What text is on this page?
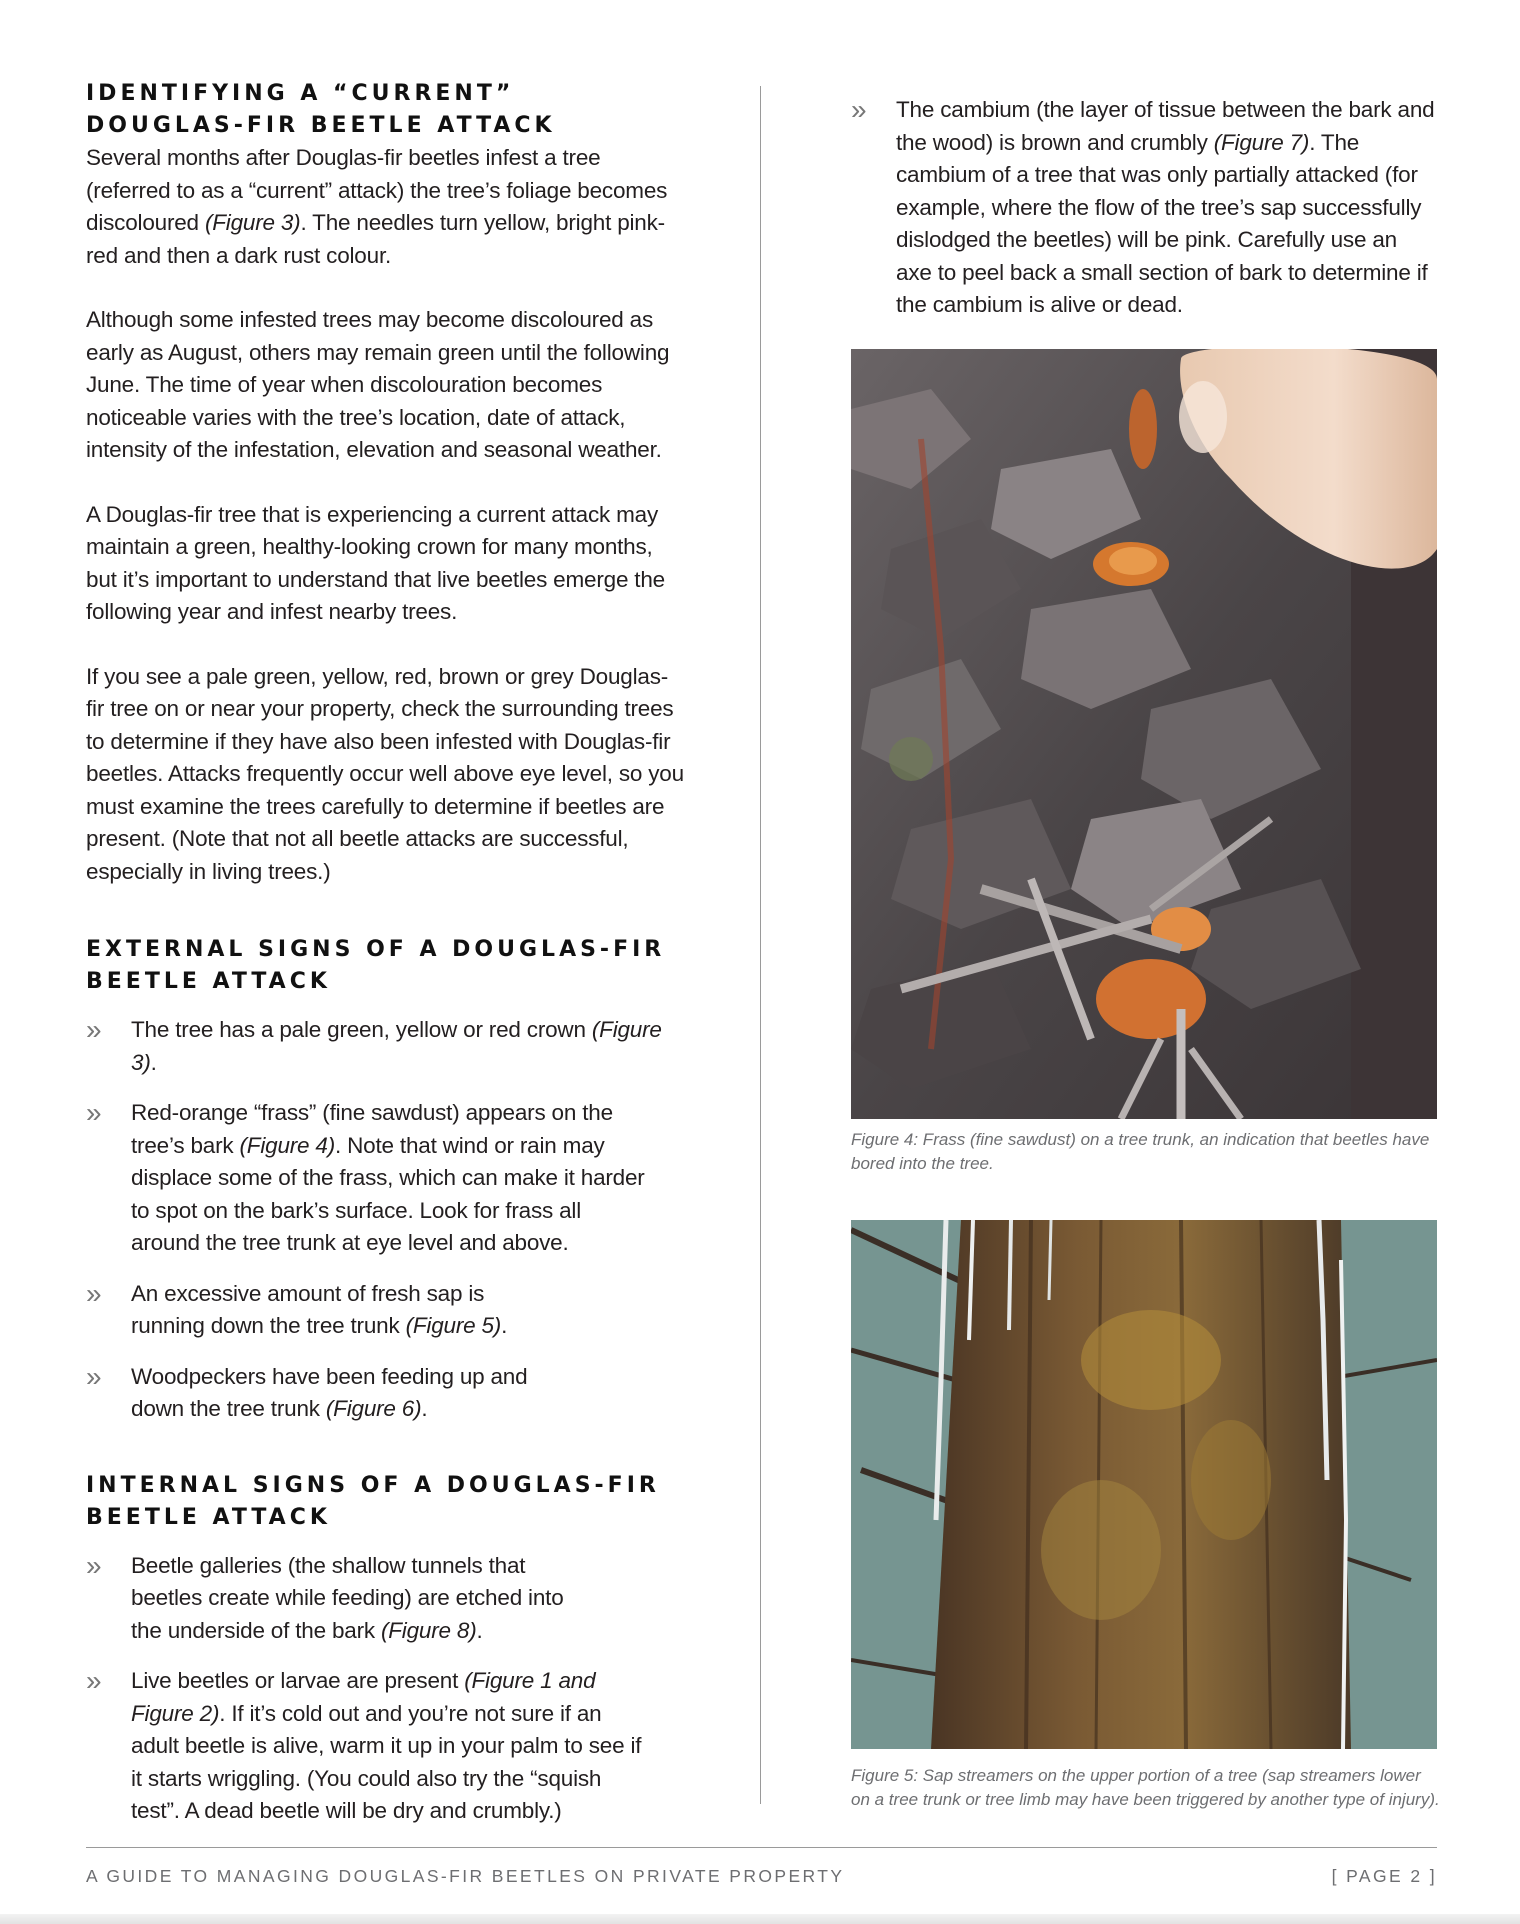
IDENTIFYING A “CURRENT”
DOUGLAS-FIR BEETLE ATTACK

Several months after Douglas-fir beetles infest a tree (referred to as a “current” attack) the tree’s foliage becomes discoloured (Figure 3). The needles turn yellow, bright pink-red and then a dark rust colour.

Although some infested trees may become discoloured as early as August, others may remain green until the following June. The time of year when discolouration becomes noticeable varies with the tree’s location, date of attack, intensity of the infestation, elevation and seasonal weather.

A Douglas-fir tree that is experiencing a current attack may maintain a green, healthy-looking crown for many months, but it’s important to understand that live beetles emerge the following year and infest nearby trees.

If you see a pale green, yellow, red, brown or grey Douglas-fir tree on or near your property, check the surrounding trees to determine if they have also been infested with Douglas-fir beetles. Attacks frequently occur well above eye level, so you must examine the trees carefully to determine if beetles are present. (Note that not all beetle attacks are successful, especially in living trees.)

EXTERNAL SIGNS OF A DOUGLAS-FIR
BEETLE ATTACK
» The tree has a pale green, yellow or red crown (Figure 3).
» Red-orange “frass” (fine sawdust) appears on the tree’s bark (Figure 4). Note that wind or rain may displace some of the frass, which can make it harder to spot on the bark’s surface. Look for frass all around the tree trunk at eye level and above.
» An excessive amount of fresh sap is running down the tree trunk (Figure 5).
» Woodpeckers have been feeding up and down the tree trunk (Figure 6).
INTERNAL SIGNS OF A DOUGLAS-FIR
BEETLE ATTACK
» Beetle galleries (the shallow tunnels that beetles create while feeding) are etched into the underside of the bark (Figure 8).
» Live beetles or larvae are present (Figure 1 and Figure 2). If it’s cold out and you’re not sure if an adult beetle is alive, warm it up in your palm to see if it starts wriggling. (You could also try the “squish test”. A dead beetle will be dry and crumbly.)
» The cambium (the layer of tissue between the bark and the wood) is brown and crumbly (Figure 7). The cambium of a tree that was only partially attacked (for example, where the flow of the tree’s sap successfully dislodged the beetles) will be pink. Carefully use an axe to peel back a small section of bark to determine if the cambium is alive or dead.
Figure 4: Frass (fine sawdust) on a tree trunk, an indication that beetles have bored into the tree.
Figure 5: Sap streamers on the upper portion of a tree (sap streamers lower on a tree trunk or tree limb may have been triggered by another type of injury).
A GUIDE TO MANAGING DOUGLAS-FIR BEETLES ON PRIVATE PROPERTY	[ PAGE 2 ]
